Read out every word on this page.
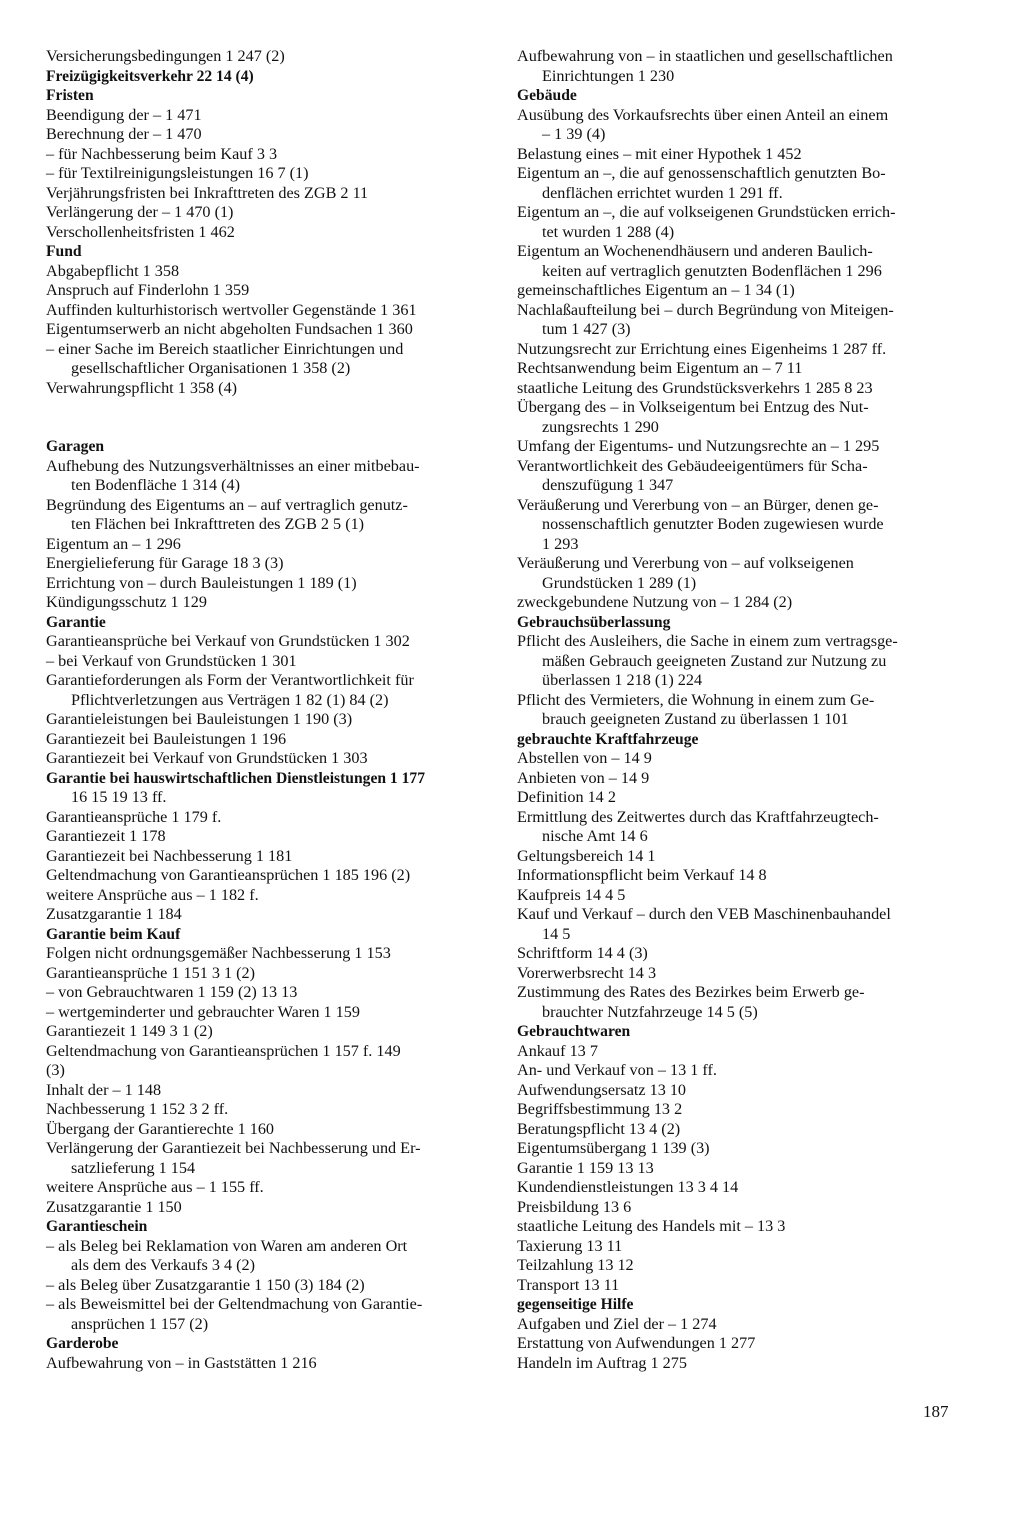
Versicherungsbedingungen 1 247 (2)
Freizügigkeitsverkehr 22 14 (4)
Fristen
Beendigung der – 1 471
Berechnung der – 1 470
– für Nachbesserung beim Kauf 3 3
– für Textilreinigungsleistungen 16 7 (1)
Verjährungsfristen bei Inkrafttreten des ZGB 2 11
Verlängerung der – 1 470 (1)
Verschollenheitsfristen 1 462
Fund
Abgabepflicht 1 358
Anspruch auf Finderlohn 1 359
Auffinden kulturhistorisch wertvoller Gegenstände 1 361
Eigentumserwerb an nicht abgeholten Fundsachen 1 360
– einer Sache im Bereich staatlicher Einrichtungen und
gesellschaftlicher Organisationen 1 358 (2)
Verwahrungspflicht 1 358 (4)
Garagen
Aufhebung des Nutzungsverhältnisses an einer mitbebau-
ten Bodenfläche 1 314 (4)
Begründung des Eigentums an – auf vertraglich genutz-
ten Flächen bei Inkrafttreten des ZGB 2 5 (1)
Eigentum an – 1 296
Energielieferung für Garage 18 3 (3)
Errichtung von – durch Bauleistungen 1 189 (1)
Kündigungsschutz 1 129
Garantie
Garantieansprüche bei Verkauf von Grundstücken 1 302
– bei Verkauf von Grundstücken 1 301
Garantieforderungen als Form der Verantwortlichkeit für
Pflichtverletzungen aus Verträgen 1 82 (1) 84 (2)
Garantieleistungen bei Bauleistungen 1 190 (3)
Garantiezeit bei Bauleistungen 1 196
Garantiezeit bei Verkauf von Grundstücken 1 303
Garantie bei hauswirtschaftlichen Dienstleistungen 1 177
16 15 19 13 ff.
Garantieansprüche 1 179 f.
Garantiezeit 1 178
Garantiezeit bei Nachbesserung 1 181
Geltendmachung von Garantieansprüchen 1 185 196 (2)
weitere Ansprüche aus – 1 182 f.
Zusatzgarantie 1 184
Garantie beim Kauf
Folgen nicht ordnungsgemäßer Nachbesserung 1 153
Garantieansprüche 1 151 3 1 (2)
– von Gebrauchtwaren 1 159 (2) 13 13
– wertgeminderter und gebrauchter Waren 1 159
Garantiezeit 1 149 3 1 (2)
Geltendmachung von Garantieansprüchen 1 157 f. 149
(3)
Inhalt der – 1 148
Nachbesserung 1 152 3 2 ff.
Übergang der Garantierechte 1 160
Verlängerung der Garantiezeit bei Nachbesserung und Er-
satzlieferung 1 154
weitere Ansprüche aus – 1 155 ff.
Zusatzgarantie 1 150
Garantieschein
– als Beleg bei Reklamation von Waren am anderen Ort
als dem des Verkaufs 3 4 (2)
– als Beleg über Zusatzgarantie 1 150 (3) 184 (2)
– als Beweismittel bei der Geltendmachung von Garantie-
ansprüchen 1 157 (2)
Garderobe
Aufbewahrung von – in Gaststätten 1 216
Aufbewahrung von – in staatlichen und gesellschaftlichen
Einrichtungen 1 230
Gebäude
Ausübung des Vorkaufsrechts über einen Anteil an einem
– 1 39 (4)
Belastung eines – mit einer Hypothek 1 452
Eigentum an –, die auf genossenschaftlich genutzten Bo-
denflächen errichtet wurden 1 291 ff.
Eigentum an –, die auf volkseigenen Grundstücken errich-
tet wurden 1 288 (4)
Eigentum an Wochenendhäusern und anderen Baulich-
keiten auf vertraglich genutzten Bodenflächen 1 296
gemeinschaftliches Eigentum an – 1 34 (1)
Nachlaßaufteilung bei – durch Begründung von Miteigen-
tum 1 427 (3)
Nutzungsrecht zur Errichtung eines Eigenheims 1 287 ff.
Rechtsanwendung beim Eigentum an – 7 11
staatliche Leitung des Grundstücksverkehrs 1 285 8 23
Übergang des – in Volkseigentum bei Entzug des Nut-
zungsrechts 1 290
Umfang der Eigentums- und Nutzungsrechte an – 1 295
Verantwortlichkeit des Gebäudeeigentümers für Scha-
denszufügung 1 347
Veräußerung und Vererbung von – an Bürger, denen ge-
nossenschaftlich genutzter Boden zugewiesen wurde
1 293
Veräußerung und Vererbung von – auf volkseigenen
Grundstücken 1 289 (1)
zweckgebundene Nutzung von – 1 284 (2)
Gebrauchsüberlassung
Pflicht des Ausleihers, die Sache in einem zum vertragsge-
mäßen Gebrauch geeigneten Zustand zur Nutzung zu
überlassen 1 218 (1) 224
Pflicht des Vermieters, die Wohnung in einem zum Ge-
brauch geeigneten Zustand zu überlassen 1 101
gebrauchte Kraftfahrzeuge
Abstellen von – 14 9
Anbieten von – 14 9
Definition 14 2
Ermittlung des Zeitwertes durch das Kraftfahrzeugtech-
nische Amt 14 6
Geltungsbereich 14 1
Informationspflicht beim Verkauf 14 8
Kaufpreis 14 4 5
Kauf und Verkauf – durch den VEB Maschinenbauhandel
14 5
Schriftform 14 4 (3)
Vorerwerbsrecht 14 3
Zustimmung des Rates des Bezirkes beim Erwerb ge-
brauchter Nutzfahrzeuge 14 5 (5)
Gebrauchtwaren
Ankauf 13 7
An- und Verkauf von – 13 1 ff.
Aufwendungsersatz 13 10
Begriffsbestimmung 13 2
Beratungspflicht 13 4 (2)
Eigentumsübergang 1 139 (3)
Garantie 1 159 13 13
Kundendienstleistungen 13 3 4 14
Preisbildung 13 6
staatliche Leitung des Handels mit – 13 3
Taxierung 13 11
Teilzahlung 13 12
Transport 13 11
gegenseitige Hilfe
Aufgaben und Ziel der – 1 274
Erstattung von Aufwendungen 1 277
Handeln im Auftrag 1 275
187
